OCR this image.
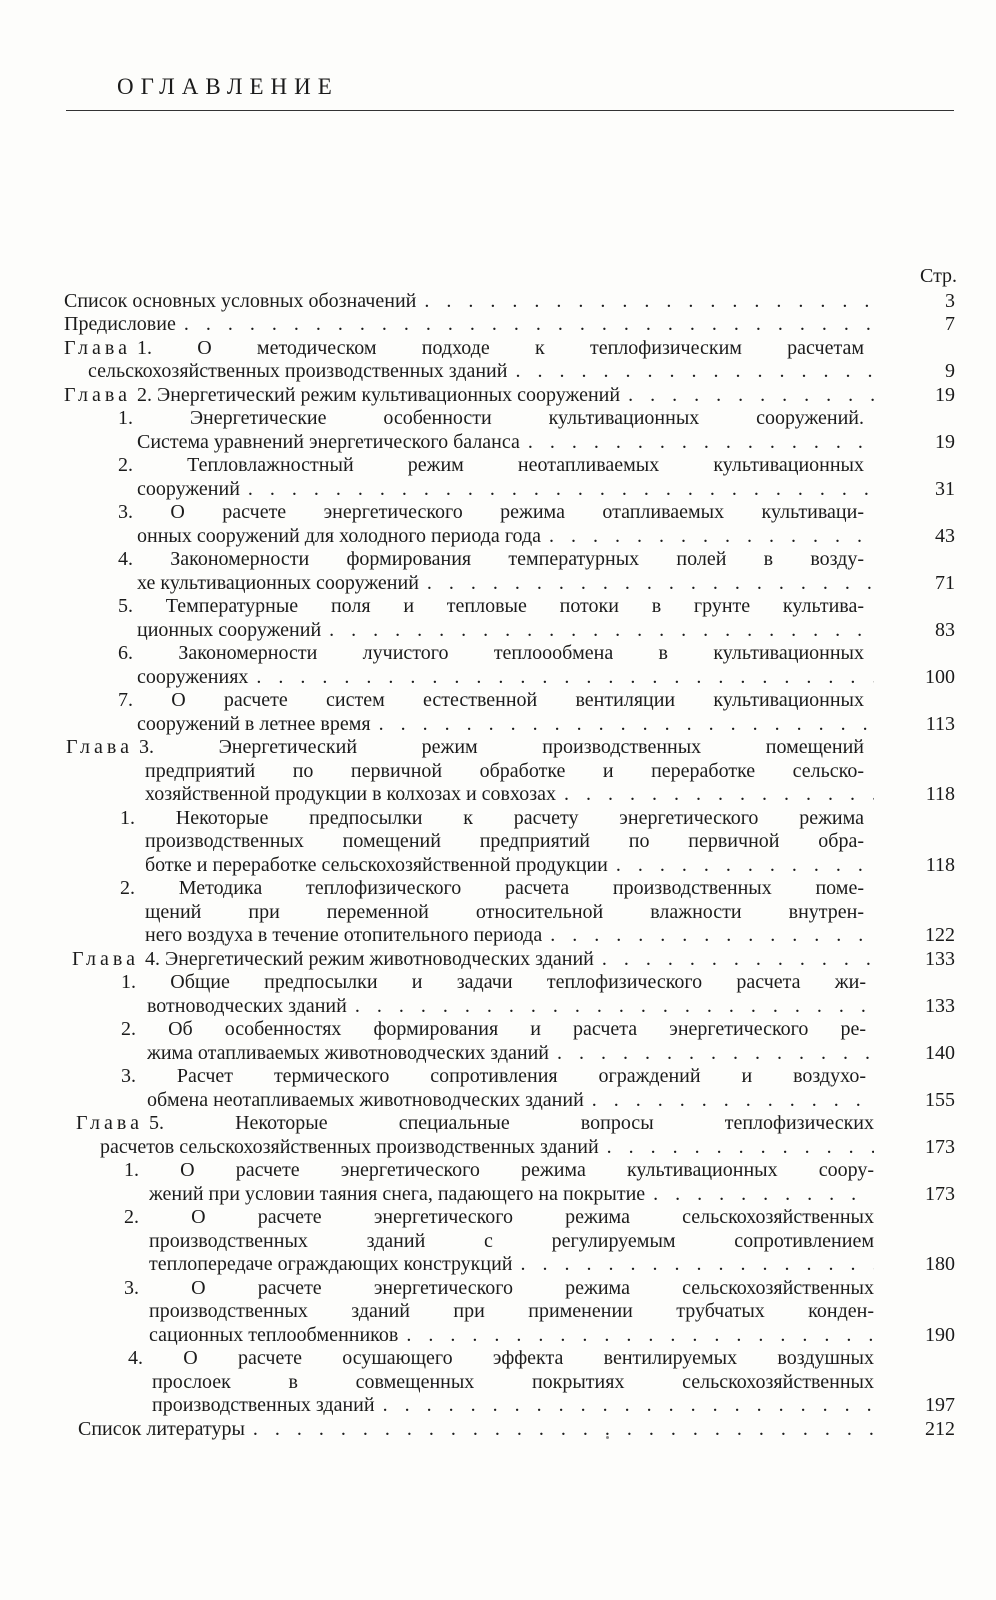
ОГЛАВЛЕНИЕ
Стр.
Список основных условных обозначений . . .	3
Предисловие . . .	7
Глава 1. О методическом подходе к теплофизическим расчетам
сельскохозяйственных производственных зданий . . .	9
Глава 2. Энергетический режим культивационных сооружений . . .	19
1. Энергетические особенности культивационных сооружений.
Система уравнений энергетического баланса . . .	19
2. Тепловлажностный режим неотапливаемых культивационных
сооружений . . .	31
3. О расчете энергетического режима отапливаемых культиваци-
онных сооружений для холодного периода года . . .	43
4. Закономерности формирования температурных полей в возду-
хе культивационных сооружений . . .	71
5. Температурные поля и тепловые потоки в грунте культива-
ционных сооружений . . .	83
6. Закономерности лучистого теплоообмена в культивационных
сооружениях . . .	100
7. О расчете систем естественной вентиляции культивационных
сооружений в летнее время . . .	113
Глава 3. Энергетический режим производственных помещений
предприятий по первичной обработке и переработке сельско-
хозяйственной продукции в колхозах и совхозах . . .	118
1. Некоторые предпосылки к расчету энергетического режима
производственных помещений предприятий по первичной обра-
ботке и переработке сельскохозяйственной продукции . . .	118
2. Методика теплофизического расчета производственных поме-
щений при переменной относительной влажности внутрен-
него воздуха в течение отопительного периода . . .	122
Глава 4. Энергетический режим животноводческих зданий . . .	133
1. Общие предпосылки и задачи теплофизического расчета жи-
вотноводческих зданий . . .	133
2. Об особенностях формирования и расчета энергетического ре-
жима отапливаемых животноводческих зданий . . .	140
3. Расчет термического сопротивления ограждений и воздухо-
обмена неотапливаемых животноводческих зданий . . .	155
Глава 5. Некоторые специальные вопросы теплофизических
расчетов сельскохозяйственных производственных зданий . . .	173
1. О расчете энергетического режима культивационных соору-
жений при условии таяния снега, падающего на покрытие . . .	173
2. О расчете энергетического режима сельскохозяйственных
производственных зданий с регулируемым сопротивлением
теплопередаче ограждающих конструкций . . .	180
3. О расчете энергетического режима сельскохозяйственных
производственных зданий при применении трубчатых конден-
сационных теплообменников . . .	190
4. О расчете осушающего эффекта вентилируемых воздушных
прослоек в совмещенных покрытиях сельскохозяйственных
производственных зданий . . .	197
Список литературы . . .	212
